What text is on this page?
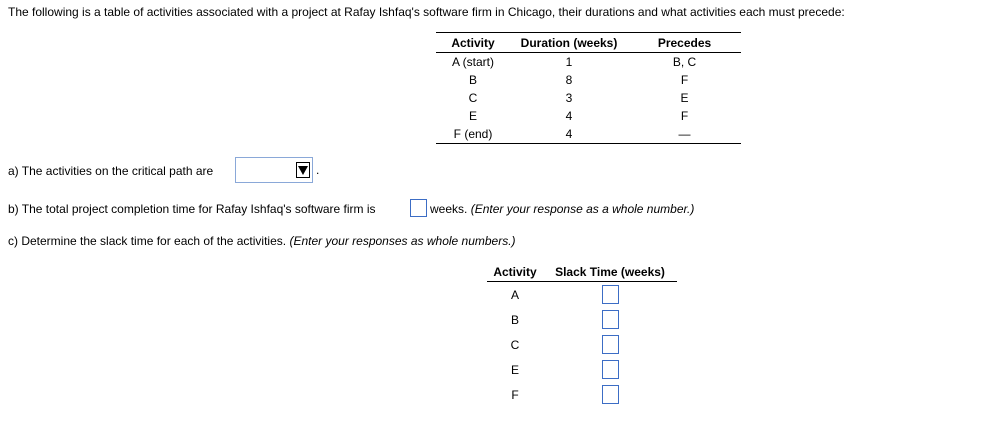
The following is a table of activities associated with a project at Rafay Ishfaq's software firm in Chicago, their durations and what activities each must precede:
Activity	Duration (weeks)	Precedes
A (start)	1	B, C
B	8	F
C	3	E
E	4	F
F (end)	4	—
a) The activities on the critical path are	.
b) The total project completion time for Rafay Ishfaq's software firm is	weeks. (Enter your response as a whole number.)
c) Determine the slack time for each of the activities. (Enter your responses as whole numbers.)
Activity	Slack Time (weeks)
A	
B	
C	
E	
F	
